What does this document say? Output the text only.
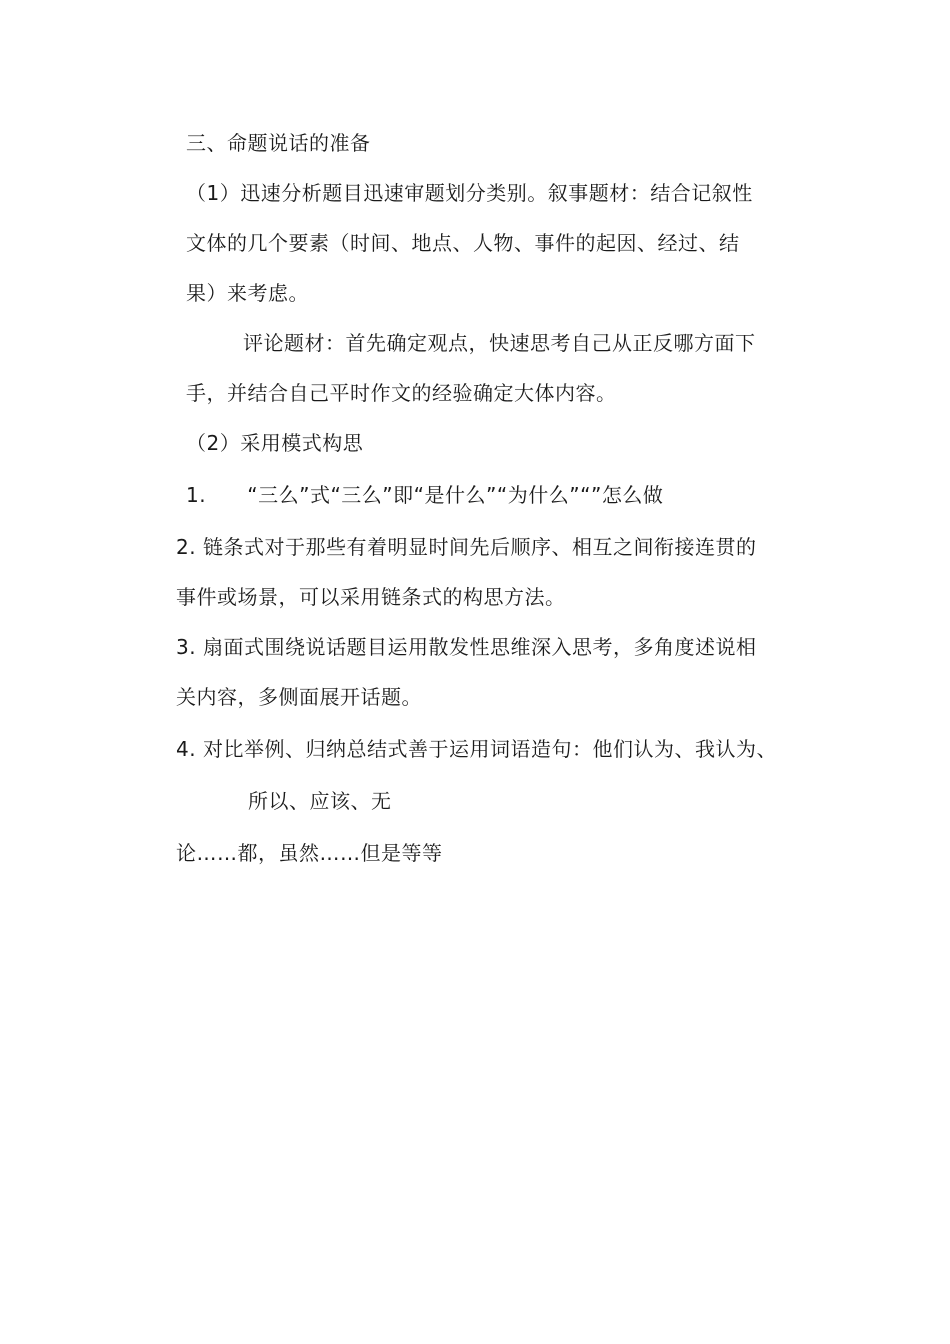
三、命题说话的准备
（1）迅速分析题目迅速审题划分类别。叙事题材：结合记叙性
文体的几个要素（时间、地点、人物、事件的起因、经过、结
果）来考虑。
评论题材：首先确定观点，快速思考自己从正反哪方面下
手，并结合自己平时作文的经验确定大体内容。
（2）采用模式构思
1.      “三么”式“三么”即“是什么”“为什么”“”怎么做
2. 链条式对于那些有着明显时间先后顺序、相互之间衔接连贯的
事件或场景，可以采用链条式的构思方法。
3. 扇面式围绕说话题目运用散发性思维深入思考，多角度述说相
关内容，多侧面展开话题。
4. 对比举例、归纳总结式善于运用词语造句：他们认为、我认为、
所以、应该、无
论……都，虽然……但是等等
